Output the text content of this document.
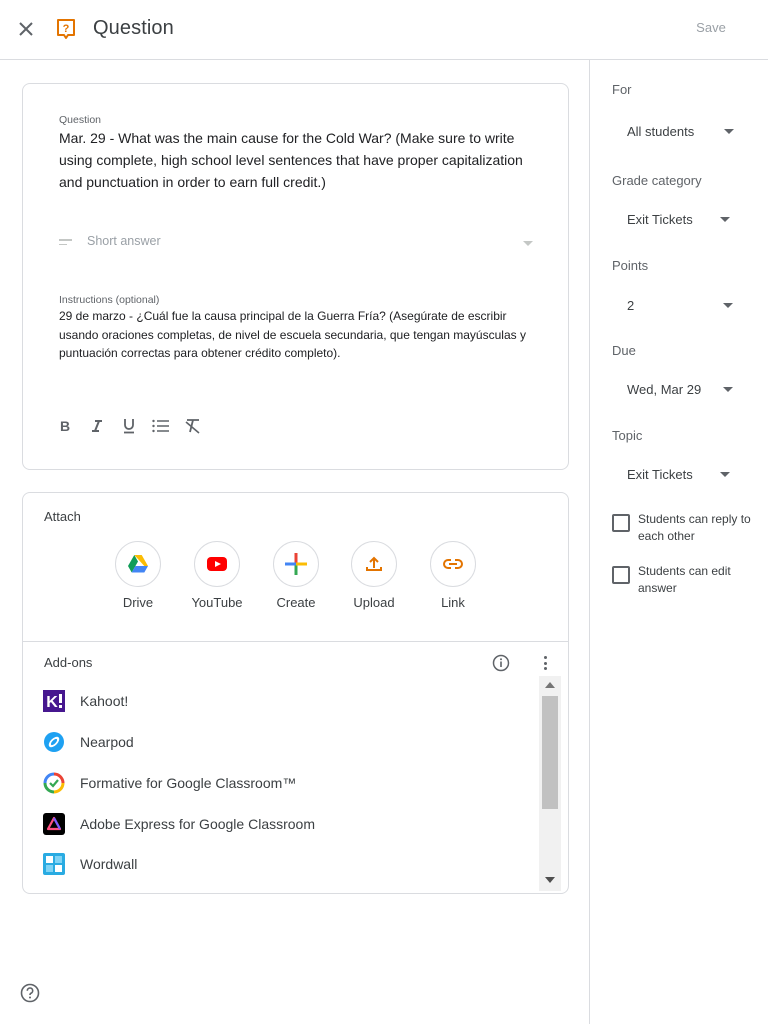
? Question	Save
Question
Mar. 29 - What was the main cause for the Cold War? (Make sure to write using complete, high school level sentences that have proper capitalization and punctuation in order to earn full credit.)
Short answer
Instructions (optional)
29 de marzo - ¿Cuál fue la causa principal de la Guerra Fría? (Asegúrate de escribir usando oraciones completas, de nivel de escuela secundaria, que tengan mayúsculas y puntuación correctas para obtener crédito completo).
B
Attach
Drive	YouTube	Create	Upload	Link
Add-ons
K Kahoot!
Nearpod
Formative for Google Classroom™
Adobe Express for Google Classroom
Wordwall
For
All students
Grade category
Exit Tickets
Points
2
Due
Wed, Mar 29
Topic
Exit Tickets
Students can reply to each other
Students can edit answer
